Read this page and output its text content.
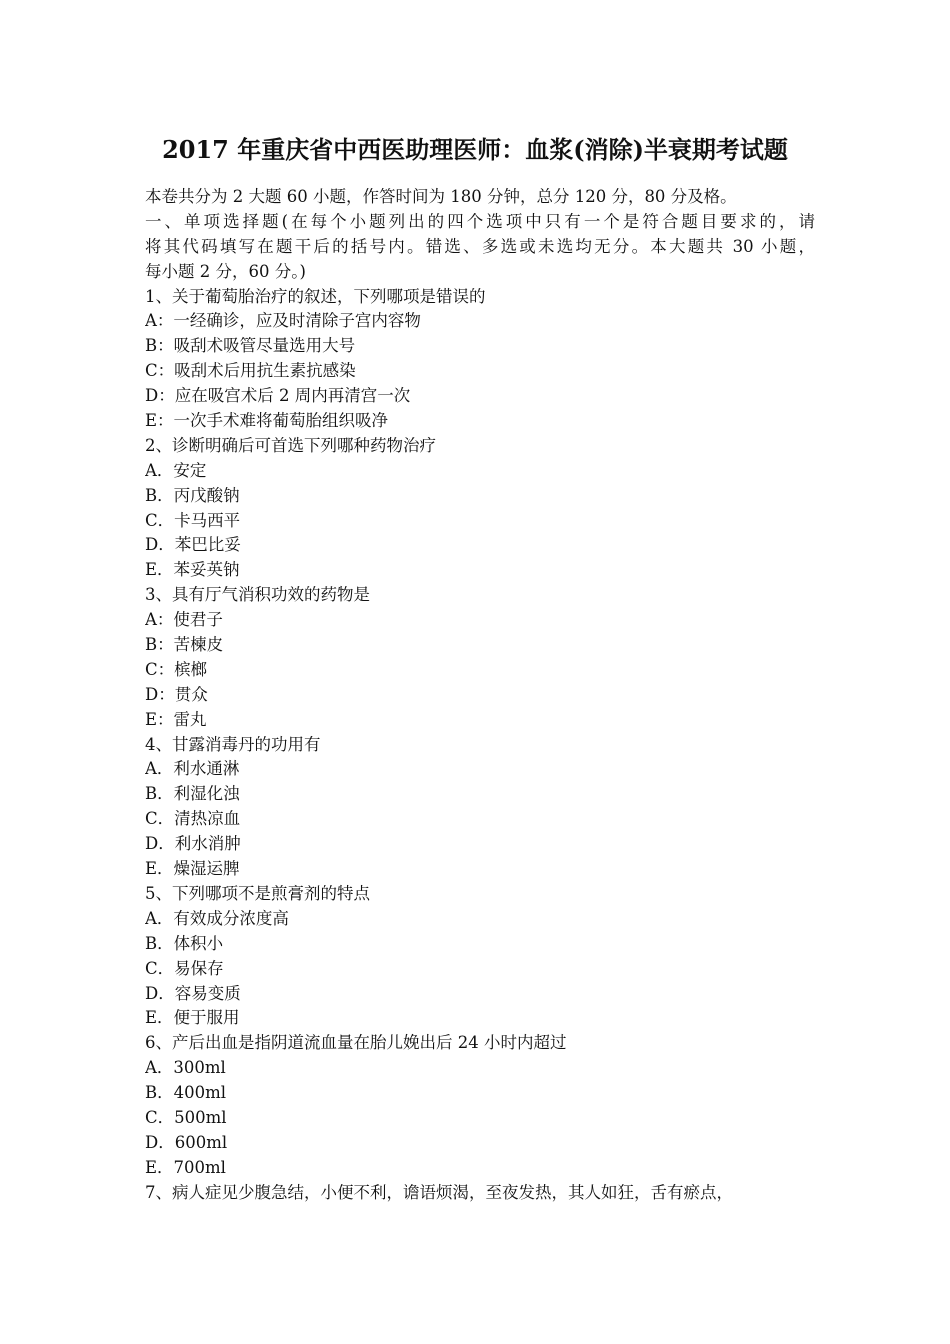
2017 年重庆省中西医助理医师：血浆(消除)半衰期考试题
本卷共分为 2 大题 60 小题，作答时间为 180 分钟，总分 120 分，80 分及格。
一、单项选择题(在每个小题列出的四个选项中只有一个是符合题目要求的，请
将其代码填写在题干后的括号内。错选、多选或未选均无分。本大题共 30 小题，
每小题 2 分，60 分。)
1、关于葡萄胎治疗的叙述，下列哪项是错误的
A：一经确诊，应及时清除子宫内容物
B：吸刮术吸管尽量选用大号
C：吸刮术后用抗生素抗感染
D：应在吸宫术后 2 周内再清宫一次
E：一次手术难将葡萄胎组织吸净
2、诊断明确后可首选下列哪种药物治疗
A．安定
B．丙戊酸钠
C．卡马西平
D．苯巴比妥
E．苯妥英钠
3、具有厅气消积功效的药物是
A：使君子
B：苦楝皮
C：槟榔
D：贯众
E：雷丸
4、甘露消毒丹的功用有
A．利水通淋
B．利湿化浊
C．清热凉血
D．利水消肿
E．燥湿运脾
5、下列哪项不是煎膏剂的特点
A．有效成分浓度高
B．体积小
C．易保存
D．容易变质
E．便于服用
6、产后出血是指阴道流血量在胎儿娩出后 24 小时内超过
A．300ml
B．400ml
C．500ml
D．600ml
E．700ml
7、病人症见少腹急结，小便不利，谵语烦渴，至夜发热，其人如狂，舌有瘀点，
